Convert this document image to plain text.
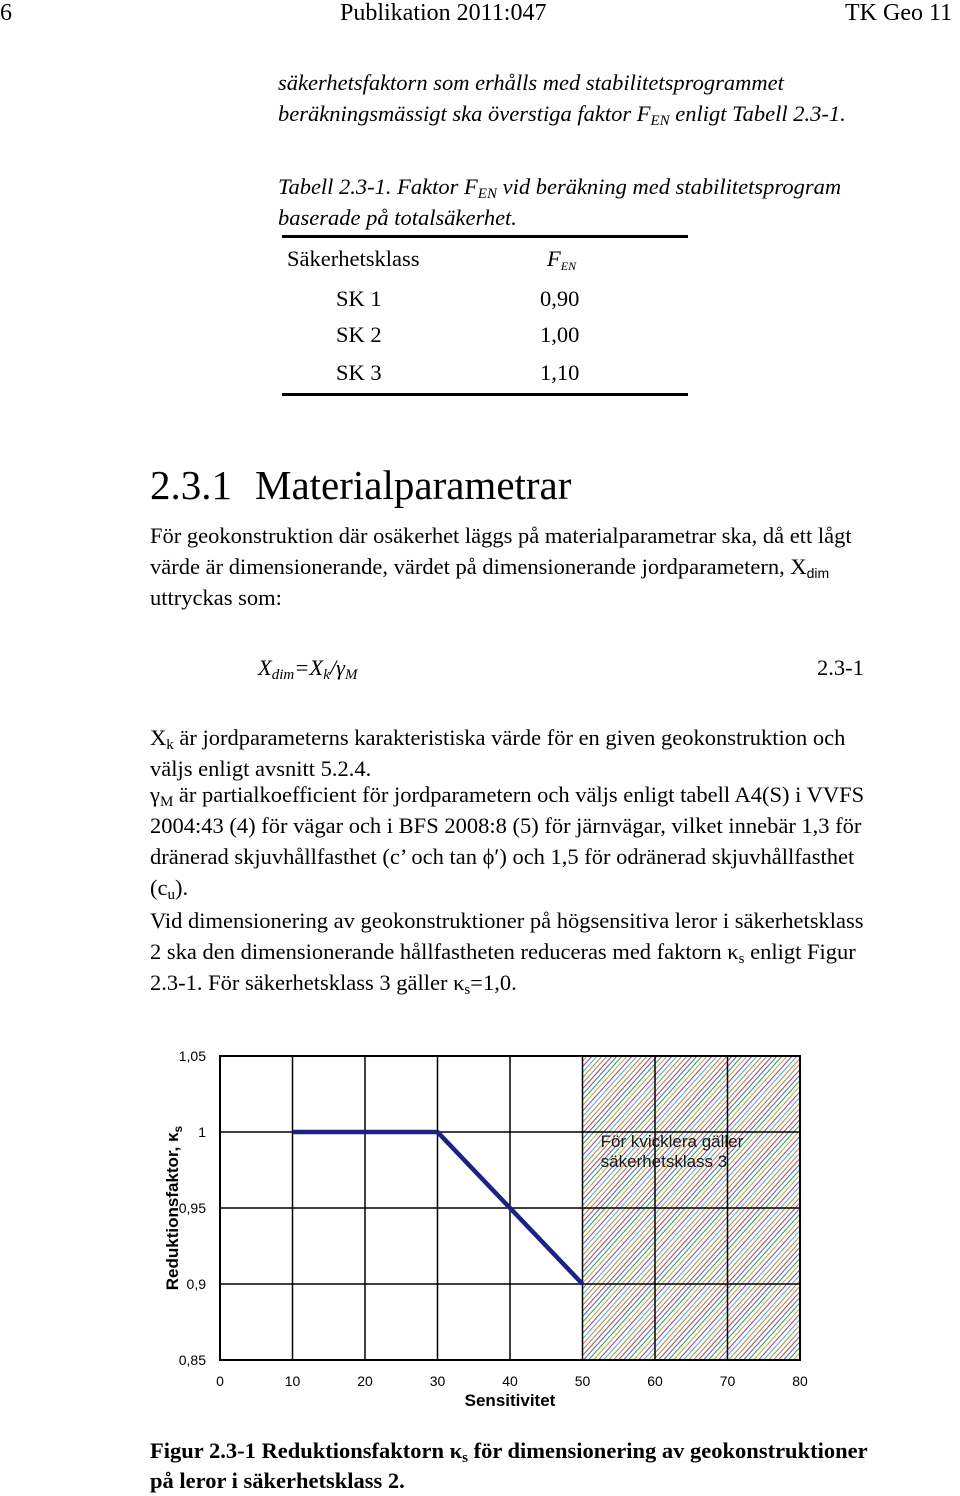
6	Publikation 2011:047	TK Geo 11
säkerhetsfaktorn som erhålls med stabilitetsprogrammet
beräkningsmässigt ska överstiga faktor $F_{EN}$ enligt Tabell 2.3-1.
Tabell 2.3-1. Faktor $F_{EN}$ vid beräkning med stabilitetsprogram
baserade på totalsäkerhet.
Säkerhetsklass	$F_{EN}$
SK 1	0,90
SK 2	1,00
SK 3	1,10
2.3.1 Materialparametrar
För geokonstruktion där osäkerhet läggs på materialparametrar ska, då ett lågt
värde är dimensionerande, värdet på dimensionerande jordparametern, $X_{dim}$
uttryckas som:
$X_{dim}=X_k/\gamma_M$	2.3-1
$X_k$ är jordparameterns karakteristiska värde för en given geokonstruktion och
väljs enligt avsnitt 5.2.4.
$\gamma_M$ är partialkoefficient för jordparametern och väljs enligt tabell A4(S) i VVFS
2004:43 (4) för vägar och i BFS 2008:8 (5) för järnvägar, vilket innebär 1,3 för
dränerad skjuvhållfasthet (c’ och tan ϕ′) och 1,5 för odränerad skjuvhållfasthet
$(c_u)$.
Vid dimensionering av geokonstruktioner på högsensitiva leror i säkerhetsklass
2 ska den dimensionerande hållfastheten reduceras med faktorn $\kappa_s$ enligt Figur
2.3-1. För säkerhetsklass 3 gäller $\kappa_s=1,0$.
0	10	20	30	40	50	60	70	80
0,85
0,9
0,95
1
1,05
För kvicklera gäller
säkerhetsklass 3
Sensitivitet
Reduktionsfaktor, $\kappa_s$
Figur 2.3-1 Reduktionsfaktorn $\kappa_s$ för dimensionering av geokonstruktioner
på leror i säkerhetsklass 2.
